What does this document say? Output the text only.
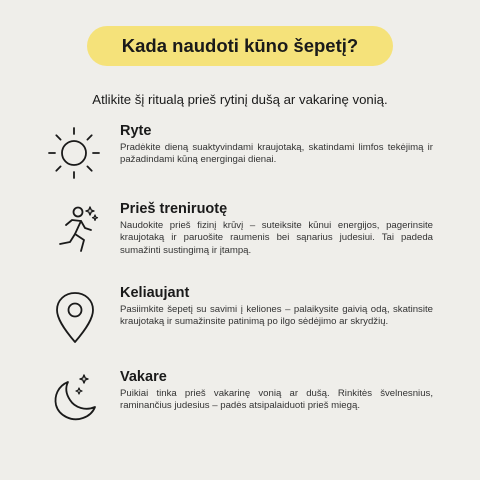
Kada naudoti kūno šepetį?
Atlikite šį ritualą prieš rytinį dušą ar vakarinę vonią.
Ryte

Pradėkite dieną suaktyvindami kraujotaką, skatindami limfos tekėjimą ir pažadindami kūną energingai dienai.

Prieš treniruotę

Naudokite prieš fizinį krūvį – suteiksite kūnui energijos, pagerinsite kraujotaką ir paruošite raumenis bei sąnarius judesiui. Tai padeda sumažinti sustingimą ir įtampą.

Keliaujant

Pasiimkite šepetį su savimi į keliones – palaikysite gaivią odą, skatinsite kraujotaką ir sumažinsite patinimą po ilgo sėdėjimo ar skrydžių.

Vakare

Puikiai tinka prieš vakarinę vonią ar dušą. Rinkitės švelnesnius, raminančius judesius – padės atsipalaiduoti prieš miegą.
